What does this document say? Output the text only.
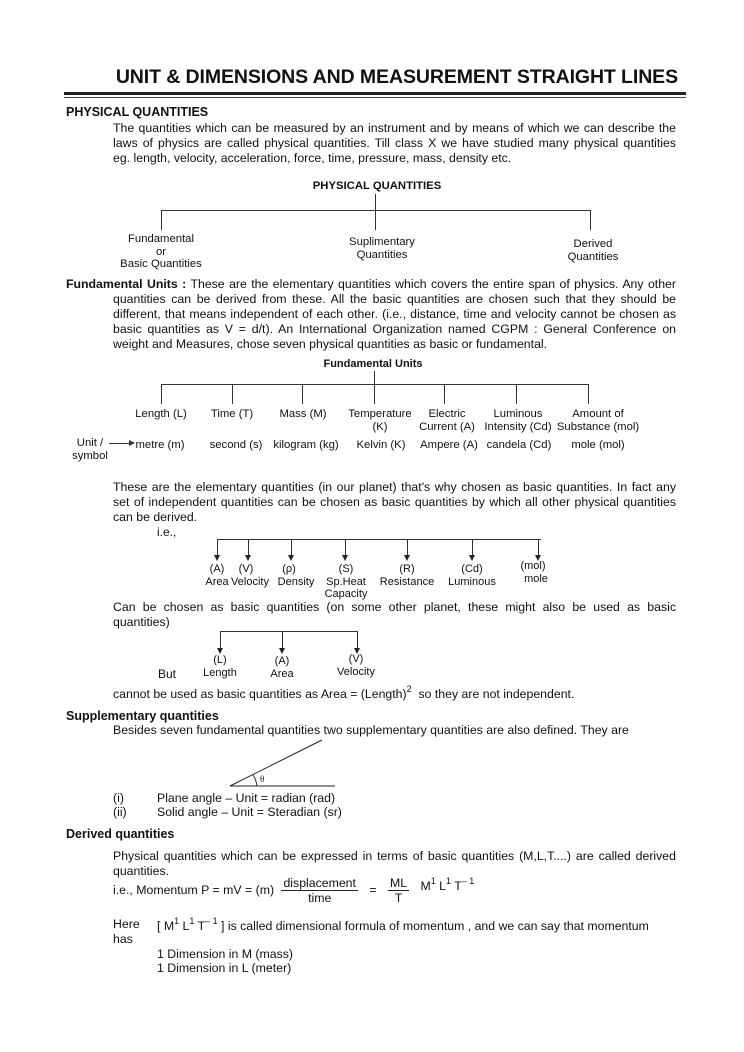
UNIT & DIMENSIONS AND MEASUREMENT STRAIGHT LINES
PHYSICAL QUANTITIES
The quantities which can be measured by an instrument and by means of which we can describe the
laws of physics are called physical quantities. Till class X we have studied many physical quantities
eg. length, velocity, acceleration, force, time, pressure, mass, density etc.
PHYSICAL QUANTITIES
Fundamental
or
Basic Quantities
Suplimentary
Quantities
Derived
Quantities
Fundamental Units : These are the elementary quantities which covers the entire span of physics. Any other
quantities can be derived from these. All the basic quantities are chosen such that they should be
different, that means independent of each other. (i.e., distance, time and velocity cannot be chosen as
basic quantities as V = d/t). An International Organization named CGPM : General Conference on
weight and Measures, chose seven physical quantities as basic or fundamental.
Fundamental Units
Length (L) Time (T) Mass (M) Temperature
(K)
Electric
Current (A)
Luminous
Intensity (Cd)
Amount of
Substance (mol)
Unit /
symbol
metre (m) second (s) kilogram (kg) Kelvin (K) Ampere (A) candela (Cd) mole (mol)
These are the elementary quantities (in our planet) that's why chosen as basic quantities. In fact any
set of independent quantities can be chosen as basic quantities by which all other physical quantities
can be derived.
i.e.,
(A)
Area
(V)
Velocity
(ρ)
Density
(S)
Sp.Heat
Capacity
(R)
Resistance
(Cd)
Luminous
(mol)
mole
Can be chosen as basic quantities (on some other planet, these might also be used as basic
quantities)
But
(L)
Length
(A)
Area
(V)
Velocity
cannot be used as basic quantities as Area = (Length)$^2$ so they are not independent.
Supplementary quantities
Besides seven fundamental quantities two supplementary quantities are also defined. They are
θ
(i)	Plane angle – Unit = radian (rad)
(ii) Solid angle – Unit = Steradian (sr)
Derived quantities
Physical quantities which can be expressed in terms of basic quantities (M,L,T....) are called derived
quantities.
i.e., Momentum P = mV = $(m) \frac{\text{displacement}}{\text{time}} = \frac{ML}{T} M^1$ $L^1$ $T^{- 1}$
Here [ $M^1$ $L^1$ $T^{- 1}$ ] is called dimensional formula of momentum , and we can say that momentum
has
1 Dimension in M (mass)
1 Dimension in L (meter)
